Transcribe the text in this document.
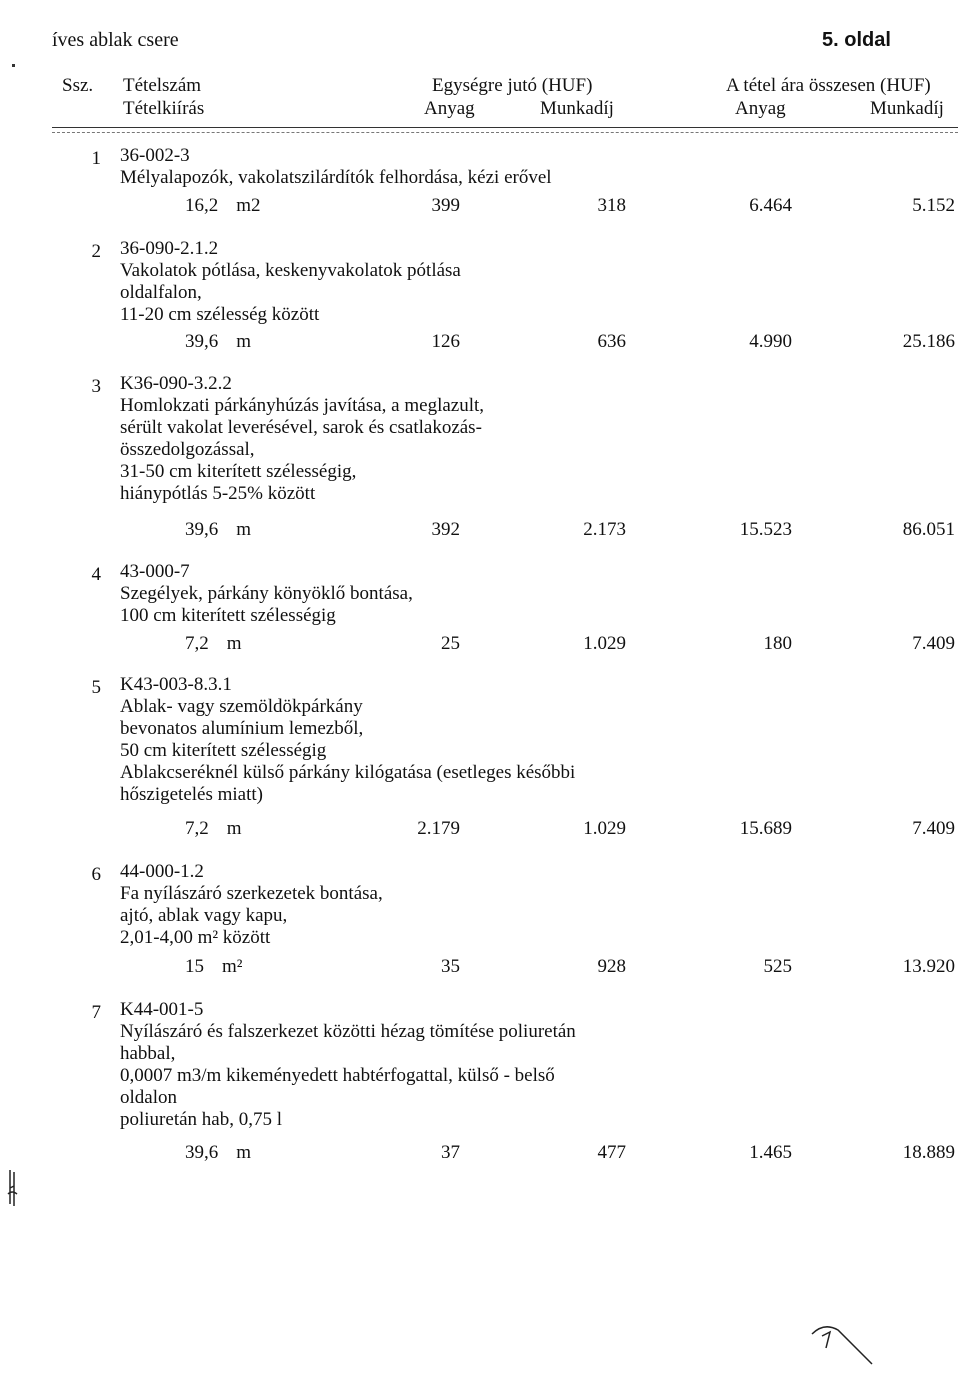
íves ablak csere	5. oldal
Ssz. Tételszám
Tételkiírás
Egységre jutó (HUF)
Anyag	Munkadíj
A tétel ára összesen (HUF)
Anyag	Munkadíj
1 36-002-3
Mélyalapozók, vakolatszilárdítók felhordása, kézi erővel
16,2 m2	399	318	6.464	5.152
2 36-090-2.1.2
Vakolatok pótlása, keskenyvakolatok pótlása
oldalfalon,
11-20 cm szélesség között
39,6 m	126	636	4.990	25.186
3 K36-090-3.2.2
Homlokzati párkányhúzás javítása, a meglazult,
sérült vakolat leverésével, sarok és csatlakozás-
összedolgozással,
31-50 cm kiterített szélességig,
hiánypótlás 5-25% között
39,6 m	392	2.173	15.523	86.051
4 43-000-7
Szegélyek, párkány könyöklő bontása,
100 cm kiterített szélességig
7,2 m	25	1.029	180	7.409
5 K43-003-8.3.1
Ablak- vagy szemöldökpárkány
bevonatos alumínium lemezből,
50 cm kiterített szélességig
Ablakcseréknél külső párkány kilógatása (esetleges későbbi
hőszigetelés miatt)
7,2 m	2.179	1.029	15.689	7.409
6 44-000-1.2
Fa nyílászáró szerkezetek bontása,
ajtó, ablak vagy kapu,
2,01-4,00 m² között
15 m²	35	928	525	13.920
7 K44-001-5
Nyílászáró és falszerkezet közötti hézag tömítése poliuretán
habbal,
0,0007 m3/m kikeményedett habtérfogattal, külső - belső
oldalon
poliuretán hab, 0,75 l
39,6 m	37	477	1.465	18.889
